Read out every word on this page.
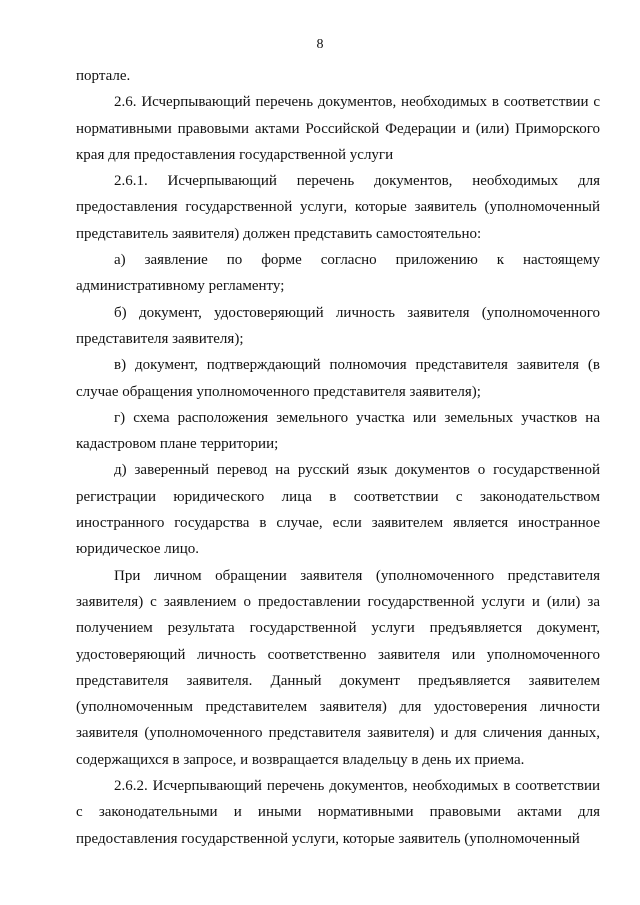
8

порталe.

2.6. Исчерпывающий перечень документов, необходимых в соответствии с нормативными правовыми актами Российской Федерации и (или) Приморского края для предоставления государственной услуги

2.6.1. Исчерпывающий перечень документов, необходимых для предоставления государственной услуги, которые заявитель (уполномоченный представитель заявителя) должен представить самостоятельно:

а) заявление по форме согласно приложению к настоящему административному регламенту;

б) документ, удостоверяющий личность заявителя (уполномоченного представителя заявителя);

в) документ, подтверждающий полномочия представителя заявителя (в случае обращения уполномоченного представителя заявителя);

г) схема расположения земельного участка или земельных участков на кадастровом плане территории;

д) заверенный перевод на русский язык документов о государственной регистрации юридического лица в соответствии с законодательством иностранного государства в случае, если заявителем является иностранное юридическое лицо.

При личном обращении заявителя (уполномоченного представителя заявителя) с заявлением о предоставлении государственной услуги и (или) за получением результата государственной услуги предъявляется документ, удостоверяющий личность соответственно заявителя или уполномоченного представителя заявителя. Данный документ предъявляется заявителем (уполномоченным представителем заявителя) для удостоверения личности заявителя (уполномоченного представителя заявителя) и для сличения данных, содержащихся в запросе, и возвращается владельцу в день их приема.

2.6.2. Исчерпывающий перечень документов, необходимых в соответствии с законодательными и иными нормативными правовыми актами для предоставления государственной услуги, которые заявитель (уполномоченный
